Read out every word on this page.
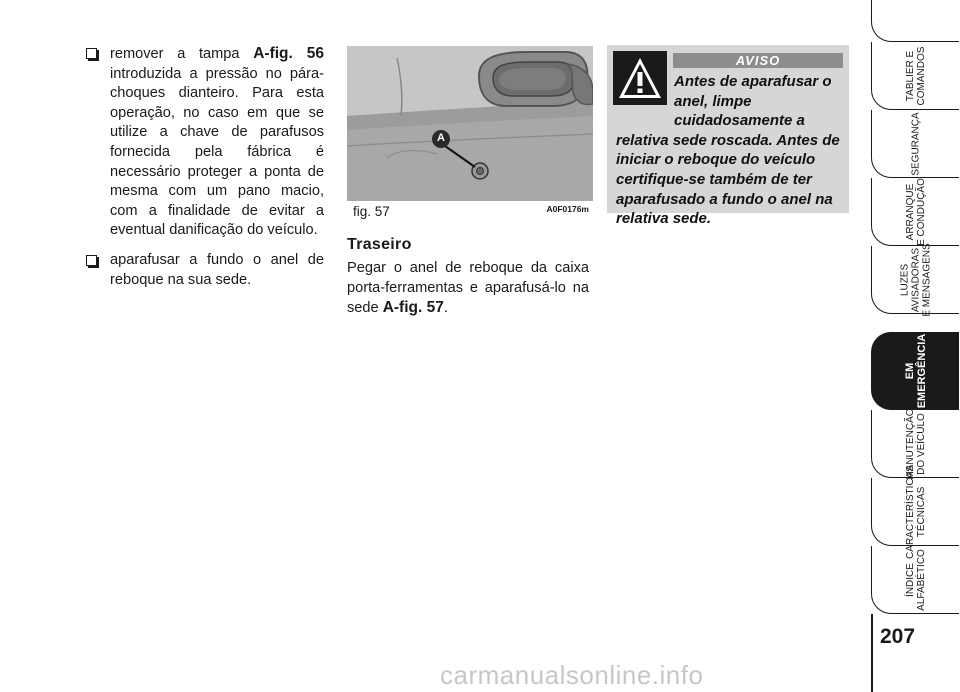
remover a tampa A-fig. 56 introduzida a pressão no pára-choques dianteiro. Para esta operação, no caso em que se utilize a chave de parafusos fornecida pela fábrica é necessário proteger a ponta de mesma com um pano macio, com a finalidade de evitar a eventual danificação do veículo.
aparafusar a fundo o anel de reboque na sua sede.
A
fig. 57	A0F0176m
Traseiro
Pegar o anel de reboque da caixa porta-ferramentas e aparafusá-lo na sede A-fig. 57.
AVISO
Antes de aparafusar o anel, limpe cuidadosamente a relativa sede roscada. Antes de iniciar o reboque do veículo certifique-se também de ter aparafusado a fundo o anel na relativa sede.
TABLIER E
COMANDOS
SEGURANÇA
ARRANQUE
E CONDUÇÃO
LUZES
AVISADORAS
E MENSAGENS
EM
EMERGÊNCIA
MANUTENÇÃO
DO VEÍCULO
CARACTERÍSTICAS
TÉCNICAS
ÍNDICE
ALFABÉTICO
207
carmanualsonline.info
